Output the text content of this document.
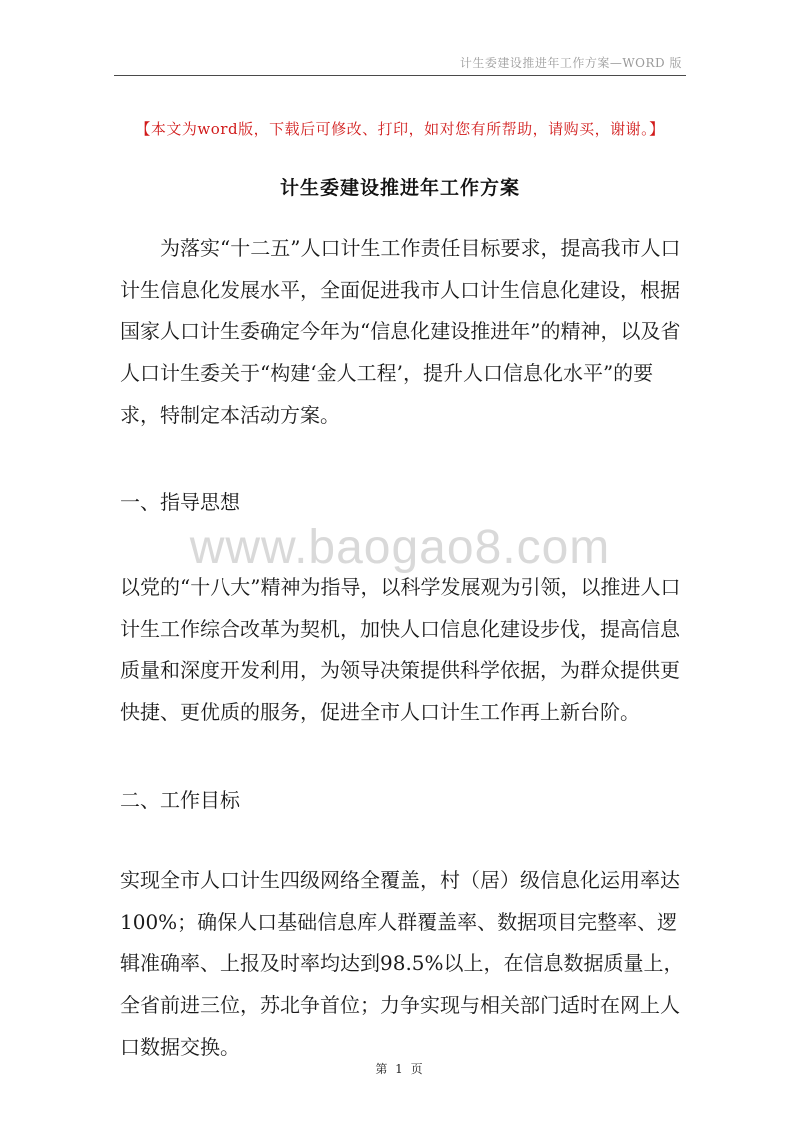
计生委建设推进年工作方案—WORD 版
【本文为word版，下载后可修改、打印，如对您有所帮助，请购买，谢谢。】
计生委建设推进年工作方案

为落实“十二五”人口计生工作责任目标要求，提高我市人口计生信息化发展水平，全面促进我市人口计生信息化建设，根据国家人口计生委确定今年为“信息化建设推进年”的精神，以及省人口计生委关于“构建‘金人工程’，提升人口信息化水平”的要求，特制定本活动方案。

一、指导思想
www.baogao8.com

以党的“十八大”精神为指导，以科学发展观为引领，以推进人口计生工作综合改革为契机，加快人口信息化建设步伐，提高信息质量和深度开发利用，为领导决策提供科学依据，为群众提供更快捷、更优质的服务，促进全市人口计生工作再上新台阶。

二、工作目标

实现全市人口计生四级网络全覆盖，村（居）级信息化运用率达100%；确保人口基础信息库人群覆盖率、数据项目完整率、逻辑准确率、上报及时率均达到98.5%以上，在信息数据质量上，全省前进三位，苏北争首位；力争实现与相关部门适时在网上人口数据交换。

第 1 页
